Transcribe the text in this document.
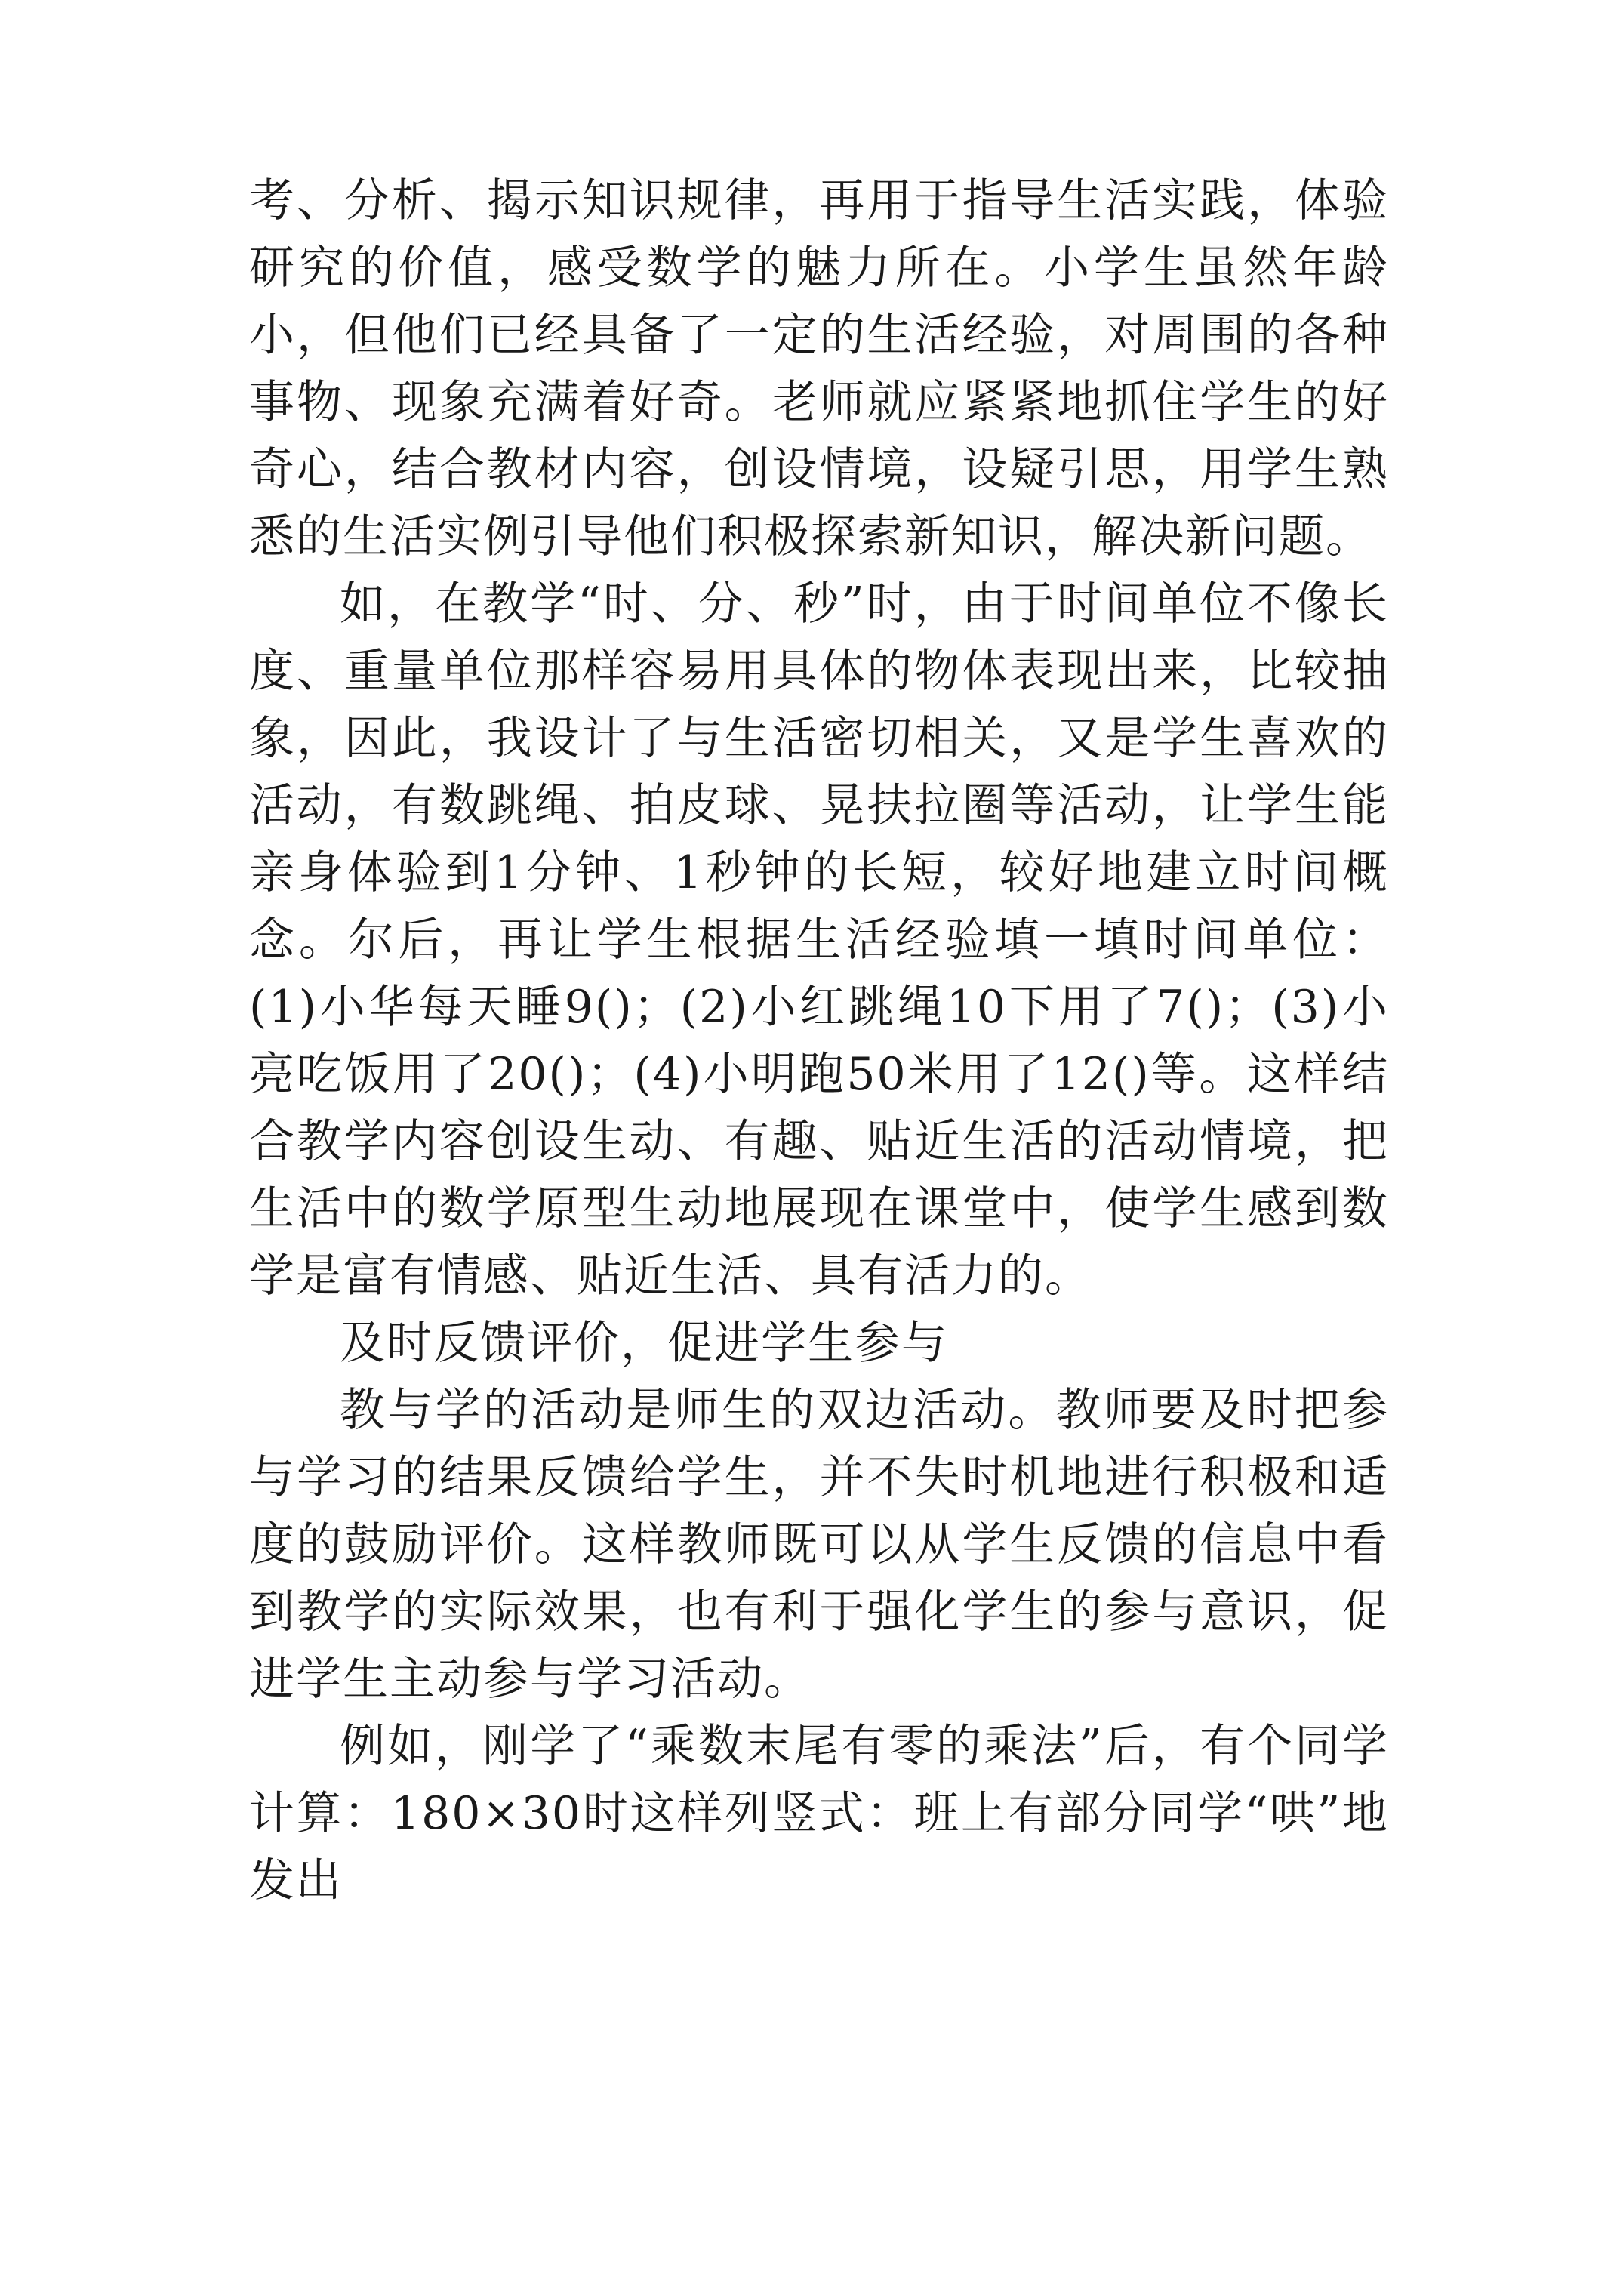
考、分析、揭示知识规律，再用于指导生活实践，体验研究的价值，感受数学的魅力所在。小学生虽然年龄小，但他们已经具备了一定的生活经验，对周围的各种事物、现象充满着好奇。老师就应紧紧地抓住学生的好奇心，结合教材内容，创设情境，设疑引思，用学生熟悉的生活实例引导他们积极探索新知识，解决新问题。

如，在教学“时、分、秒”时，由于时间单位不像长度、重量单位那样容易用具体的物体表现出来，比较抽象，因此，我设计了与生活密切相关，又是学生喜欢的活动，有数跳绳、拍皮球、晃扶拉圈等活动，让学生能亲身体验到1分钟、1秒钟的长短，较好地建立时间概念。尔后，再让学生根据生活经验填一填时间单位：(1)小华每天睡9()；(2)小红跳绳10下用了7()；(3)小亮吃饭用了20()；(4)小明跑50米用了12()等。这样结合教学内容创设生动、有趣、贴近生活的活动情境，把生活中的数学原型生动地展现在课堂中，使学生感到数学是富有情感、贴近生活、具有活力的。

及时反馈评价，促进学生参与

教与学的活动是师生的双边活动。教师要及时把参与学习的结果反馈给学生，并不失时机地进行积极和适度的鼓励评价。这样教师既可以从学生反馈的信息中看到教学的实际效果，也有利于强化学生的参与意识，促进学生主动参与学习活动。

例如，刚学了“乘数末尾有零的乘法”后，有个同学计算：180×30时这样列竖式：班上有部分同学“哄”地发出
